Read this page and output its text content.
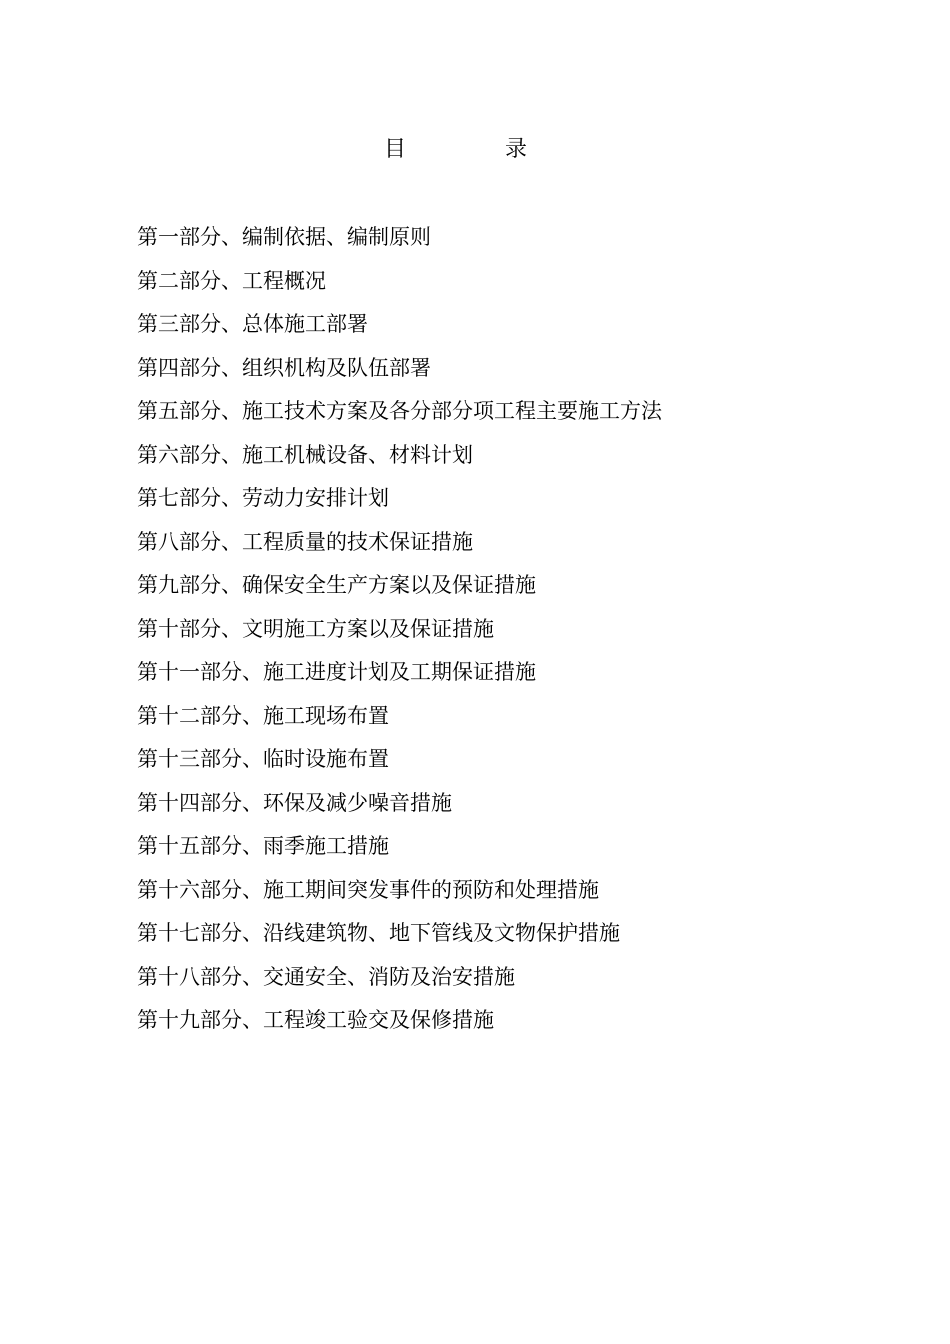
目	录
第一部分、编制依据、编制原则
第二部分、工程概况
第三部分、总体施工部署
第四部分、组织机构及队伍部署
第五部分、施工技术方案及各分部分项工程主要施工方法
第六部分、施工机械设备、材料计划
第七部分、劳动力安排计划
第八部分、工程质量的技术保证措施
第九部分、确保安全生产方案以及保证措施
第十部分、文明施工方案以及保证措施
第十一部分、施工进度计划及工期保证措施
第十二部分、施工现场布置
第十三部分、临时设施布置
第十四部分、环保及减少噪音措施
第十五部分、雨季施工措施
第十六部分、施工期间突发事件的预防和处理措施
第十七部分、沿线建筑物、地下管线及文物保护措施
第十八部分、交通安全、消防及治安措施
第十九部分、工程竣工验交及保修措施
